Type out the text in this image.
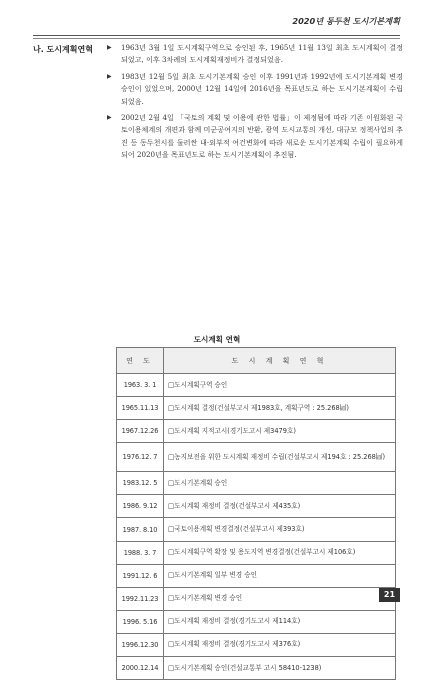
2020년 동두천 도시기본계획
나. 도시계획연혁 ▶ 1963년 3월 1일 도시계획구역으로 승인된 후, 1965년 11월 13일 최초 도시계획이 결정되었고, 이후 3차례의 도시계획재정비가 결정되었음.
▶ 1983년 12월 5일 최초 도시기본계획 승인 이후 1991년과 1992년에 도시기본계획 변경승인이 있었으며, 2000년 12월 14일에 2016년을 목표년도로 하는 도시기본계획이 수립되었음.
▶ 2002년 2월 4일 「국토의 계획 및 이용에 관한 법률」이 제정됨에 따라 기존 이원화된 국토이용체계의 개편과 함께 미군공여지의 반환, 광역 도시교통의 개선, 대규모 정책사업의 추진 등 동두천시를 둘러싼 내·외부적 여건변화에 따라 새로운 도시기본계획 수립이 필요하게 되어 2020년을 목표년도로 하는 도시기본계획이 추진됨.
도시계획 연혁
연 도	도 시 계 획 연 혁
1963. 3. 1	□도시계획구역 승인
1965.11.13	□도시계획 결정(건설부고시 제1983호, 계획구역 : 25.268㎢)
1967.12.26	□도시계획 지적고시(경기도고시 제3479호)
1976.12. 7	□농지보전을 위한 도시계획 재정비 수립(건설부고시 제194호 : 25.268㎢)
1983.12. 5	□도시기본계획 승인
1986. 9.12	□도시계획 재정비 결정(건설부고시 제435호)
1987. 8.10	□국토이용계획 변경결정(건설부고시 제393호)
1988. 3. 7	□도시계획구역 확장 및 용도지역 변경결정(건설부고시 제106호)
1991.12. 6	□도시기본계획 일부 변경 승인
1992.11.23	□도시기본계획 변경 승인
1996. 5.16	□도시계획 재정비 결정(경기도고시 제114호)
1996.12.30	□도시계획 재정비 결정(경기도고시 제376호)
2000.12.14	□도시기본계획 승인(건설교통부 고시 58410-1238)
21
